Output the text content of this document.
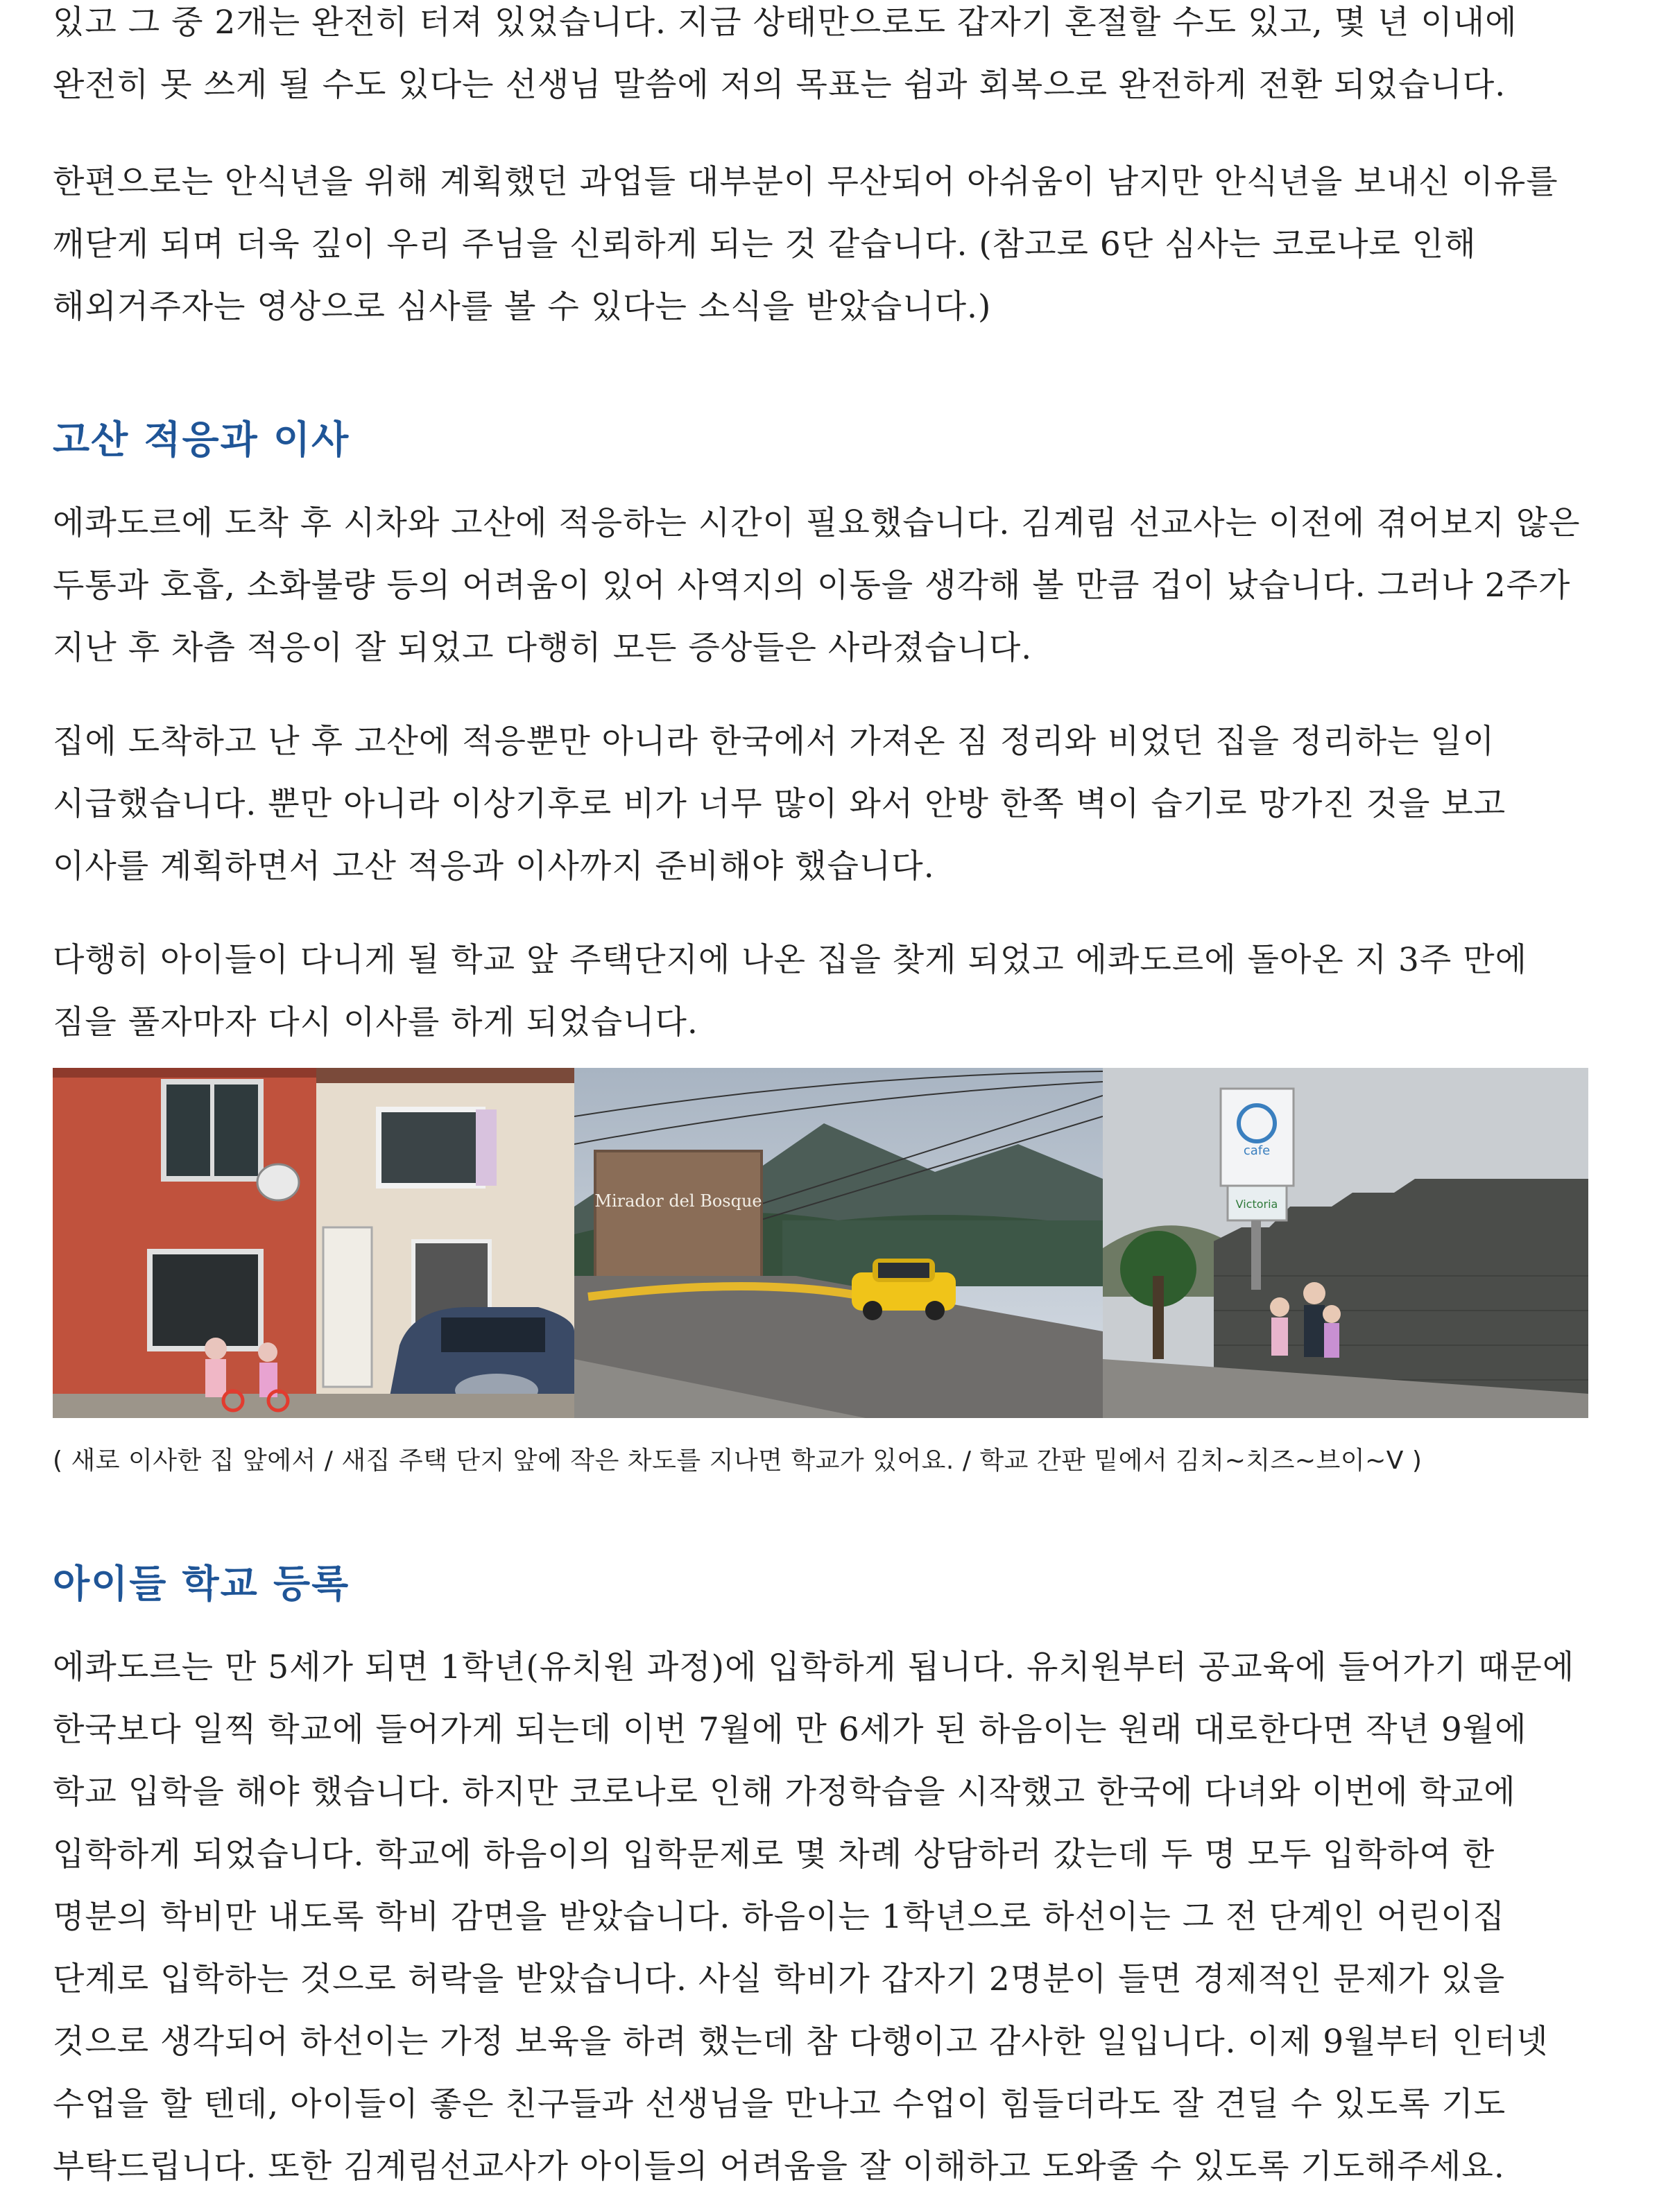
있고 그 중 2개는 완전히 터져 있었습니다. 지금 상태만으로도 갑자기 혼절할 수도 있고, 몇 년 이내에
완전히 못 쓰게 될 수도 있다는 선생님 말씀에 저의 목표는 쉼과 회복으로 완전하게 전환 되었습니다.

한편으로는 안식년을 위해 계획했던 과업들 대부분이 무산되어 아쉬움이 남지만 안식년을 보내신 이유를
깨닫게 되며 더욱 깊이 우리 주님을 신뢰하게 되는 것 같습니다. (참고로 6단 심사는 코로나로 인해
해외거주자는 영상으로 심사를 볼 수 있다는 소식을 받았습니다.)

고산 적응과 이사

에콰도르에 도착 후 시차와 고산에 적응하는 시간이 필요했습니다. 김계림 선교사는 이전에 겪어보지 않은
두통과 호흡, 소화불량 등의 어려움이 있어 사역지의 이동을 생각해 볼 만큼 겁이 났습니다. 그러나 2주가
지난 후 차츰 적응이 잘 되었고 다행히 모든 증상들은 사라졌습니다.

집에 도착하고 난 후 고산에 적응뿐만 아니라 한국에서 가져온 짐 정리와 비었던 집을 정리하는 일이
시급했습니다. 뿐만 아니라 이상기후로 비가 너무 많이 와서 안방 한쪽 벽이 습기로 망가진 것을 보고
이사를 계획하면서 고산 적응과 이사까지 준비해야 했습니다.

다행히 아이들이 다니게 될 학교 앞 주택단지에 나온 집을 찾게 되었고 에콰도르에 돌아온 지 3주 만에
짐을 풀자마자 다시 이사를 하게 되었습니다.

Mirador del Bosque
cafe
Victoria
( 새로 이사한 집 앞에서 / 새집 주택 단지 앞에 작은 차도를 지나면 학교가 있어요. / 학교 간판 밑에서 김치~치즈~브이~V )
아이들 학교 등록

에콰도르는 만 5세가 되면 1학년(유치원 과정)에 입학하게 됩니다. 유치원부터 공교육에 들어가기 때문에
한국보다 일찍 학교에 들어가게 되는데 이번 7월에 만 6세가 된 하음이는 원래 대로한다면 작년 9월에
학교 입학을 해야 했습니다. 하지만 코로나로 인해 가정학습을 시작했고 한국에 다녀와 이번에 학교에
입학하게 되었습니다. 학교에 하음이의 입학문제로 몇 차례 상담하러 갔는데 두 명 모두 입학하여 한
명분의 학비만 내도록 학비 감면을 받았습니다. 하음이는 1학년으로 하선이는 그 전 단계인 어린이집
단계로 입학하는 것으로 허락을 받았습니다. 사실 학비가 갑자기 2명분이 들면 경제적인 문제가 있을
것으로 생각되어 하선이는 가정 보육을 하려 했는데 참 다행이고 감사한 일입니다. 이제 9월부터 인터넷
수업을 할 텐데, 아이들이 좋은 친구들과 선생님을 만나고 수업이 힘들더라도 잘 견딜 수 있도록 기도
부탁드립니다. 또한 김계림선교사가 아이들의 어려움을 잘 이해하고 도와줄 수 있도록 기도해주세요.
